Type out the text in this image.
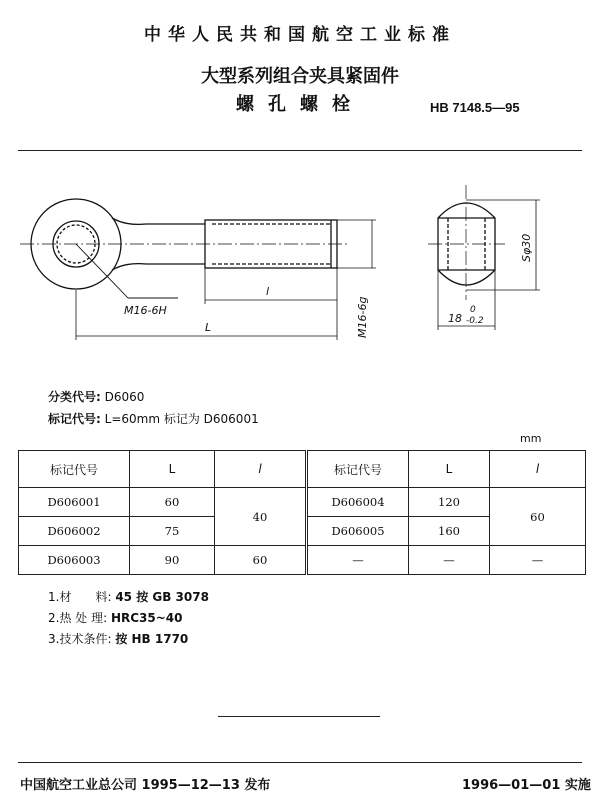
中华人民共和国航空工业标准
大型系列组合夹具紧固件
螺孔螺栓	HB 7148.5—95
M16-6H
l
L	M16-6g
Sφ30
18
0
-0.2
分类代号: D6060
标记代号: L=60mm 标记为 D606001
mm
标记代号	L	l	标记代号	L	l
D606001	60	40	D606004	120	60
D606002	75		D606005	160	
D606003	90	60	—	—	—
1.材　　料: 45 按 GB 3078
2.热 处 理: HRC35~40
3.技术条件: 按 HB 1770
中国航空工业总公司 1995—12—13 发布	1996—01—01 实施
